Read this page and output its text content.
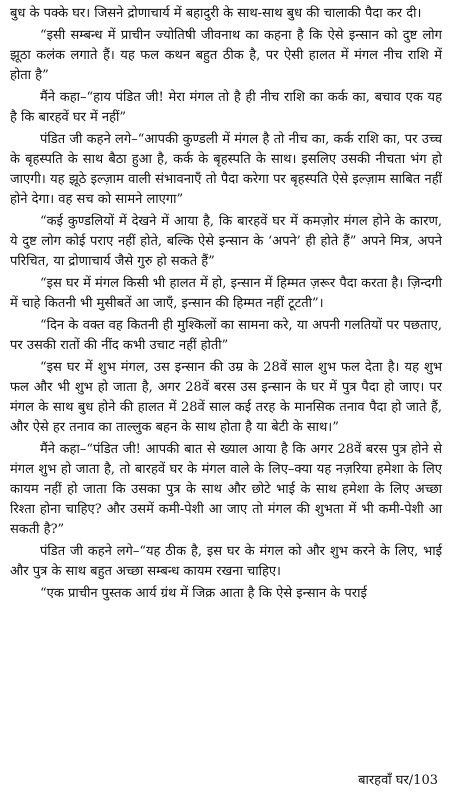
बुध के पक्के घर। जिसने द्रोणाचार्य में बहादुरी के साथ-साथ बुध की चालाकी पैदा कर दी।

“इसी सम्बन्ध में प्राचीन ज्योतिषी जीवनाथ का कहना है कि ऐसे इन्सान को दुष्ट लोग झूठा कलंक लगाते हैं। यह फल कथन बहुत ठीक है, पर ऐसी हालत में मंगल नीच राशि में होता है”

मैंने कहा–“हाय पंडित जी! मेरा मंगल तो है ही नीच राशि का कर्क का, बचाव एक यह है कि बारहवें घर में नहीं”

पंडित जी कहने लगे–“आपकी कुण्डली में मंगल है तो नीच का, कर्क राशि का, पर उच्च के बृहस्पति के साथ बैठा हुआ है, कर्क के बृहस्पति के साथ। इसलिए उसकी नीचता भंग हो जाएगी। यह झूठे इल्ज़ाम वाली संभावनाएँ तो पैदा करेगा पर बृहस्पति ऐसे इल्ज़ाम साबित नहीं होने देगा। वह सच को सामने लाएगा”

“कई कुण्डलियों में देखने में आया है, कि बारहवें घर में कमज़ोर मंगल होने के कारण, ये दुष्ट लोग कोई पराए नहीं होते, बल्कि ऐसे इन्सान के ‘अपने’ ही होते हैं” अपने मित्र, अपने परिचित, या द्रोणाचार्य जैसे गुरु हो सकते हैं”

“इस घर में मंगल किसी भी हालत में हो, इन्सान में हिम्मत ज़रूर पैदा करता है। ज़िन्दगी में चाहे कितनी भी मुसीबतें आ जाएँ, इन्सान की हिम्मत नहीं टूटती”।

“दिन के वक्त वह कितनी ही मुश्किलों का सामना करे, या अपनी गलतियों पर पछताए, पर उसकी रातों की नींद कभी उचाट नहीं होती”

“इस घर में शुभ मंगल, उस इन्सान की उम्र के 28वें साल शुभ फल देता है। यह शुभ फल और भी शुभ हो जाता है, अगर 28वें बरस उस इन्सान के घर में पुत्र पैदा हो जाए। पर मंगल के साथ बुध होने की हालत में 28वें साल कई तरह के मानसिक तनाव पैदा हो जाते हैं, और ऐसे हर तनाव का ताल्लुक बहन के साथ होता है या बेटी के साथ।”

मैंने कहा–“पंडित जी! आपकी बात से ख्याल आया है कि अगर 28वें बरस पुत्र होने से मंगल शुभ हो जाता है, तो बारहवें घर के मंगल वाले के लिए–क्या यह नज़रिया हमेशा के लिए कायम नहीं हो जाता कि उसका पुत्र के साथ और छोटे भाई के साथ हमेशा के लिए अच्छा रिश्ता होना चाहिए? और उसमें कमी-पेशी आ जाए तो मंगल की शुभता में भी कमी-पेशी आ सकती है?”

पंडित जी कहने लगे–“यह ठीक है, इस घर के मंगल को और शुभ करने के लिए, भाई और पुत्र के साथ बहुत अच्छा सम्बन्ध कायम रखना चाहिए।

“एक प्राचीन पुस्तक आर्य ग्रंथ में जिक्र आता है कि ऐसे इन्सान के पराई

बारहवाँ घर/103
